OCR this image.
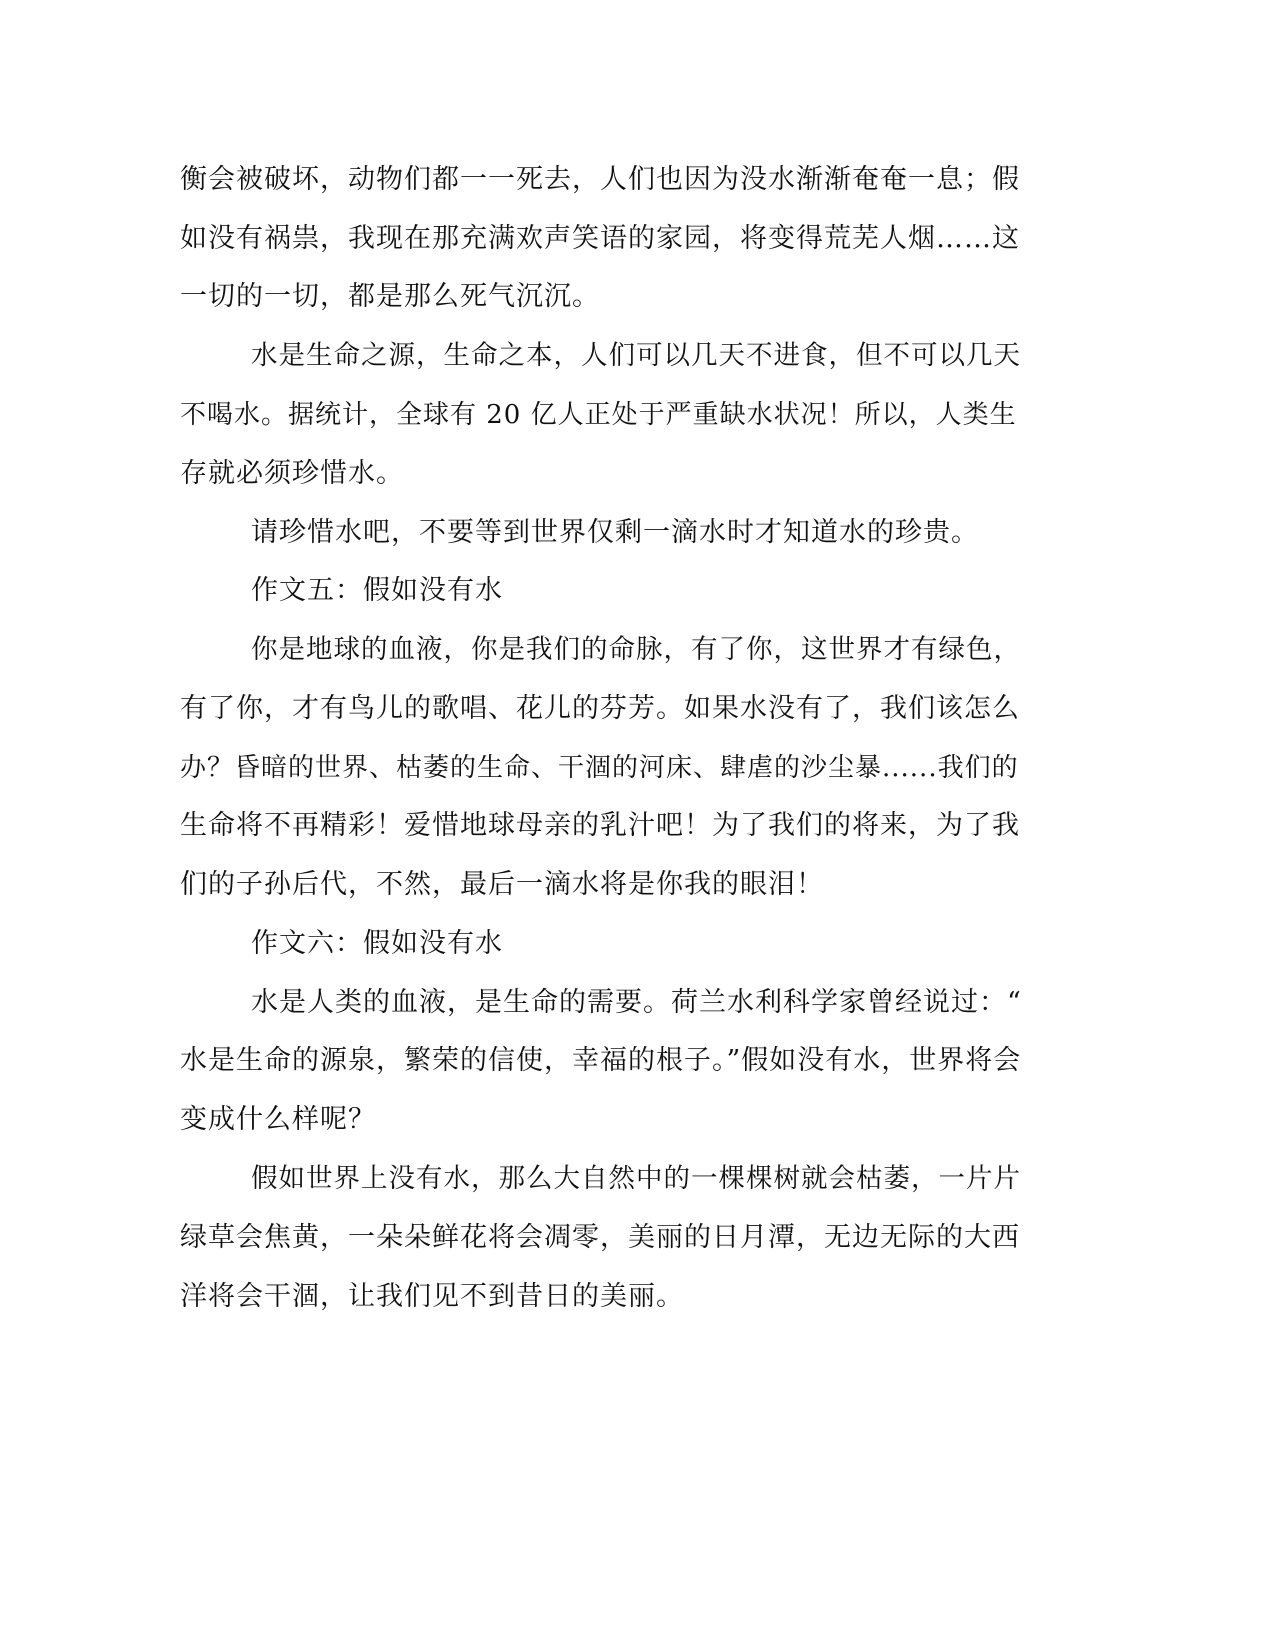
衡会被破坏，动物们都一一死去，人们也因为没水渐渐奄奄一息；假
如没有祸祟，我现在那充满欢声笑语的家园，将变得荒芜人烟……这
一切的一切，都是那么死气沉沉。
水是生命之源，生命之本，人们可以几天不进食，但不可以几天
不喝水。据统计，全球有 20 亿人正处于严重缺水状况！所以，人类生
存就必须珍惜水。
请珍惜水吧，不要等到世界仅剩一滴水时才知道水的珍贵。
作文五：假如没有水
你是地球的血液，你是我们的命脉，有了你，这世界才有绿色，
有了你，才有鸟儿的歌唱、花儿的芬芳。如果水没有了，我们该怎么
办？昏暗的世界、枯萎的生命、干涸的河床、肆虐的沙尘暴......我们的
生命将不再精彩！爱惜地球母亲的乳汁吧！为了我们的将来，为了我
们的子孙后代，不然，最后一滴水将是你我的眼泪！
作文六：假如没有水
水是人类的血液，是生命的需要。荷兰水利科学家曾经说过：“
水是生命的源泉，繁荣的信使，幸福的根子。”假如没有水，世界将会
变成什么样呢？
假如世界上没有水，那么大自然中的一棵棵树就会枯萎，一片片
绿草会焦黄，一朵朵鲜花将会凋零，美丽的日月潭，无边无际的大西
洋将会干涸，让我们见不到昔日的美丽。
